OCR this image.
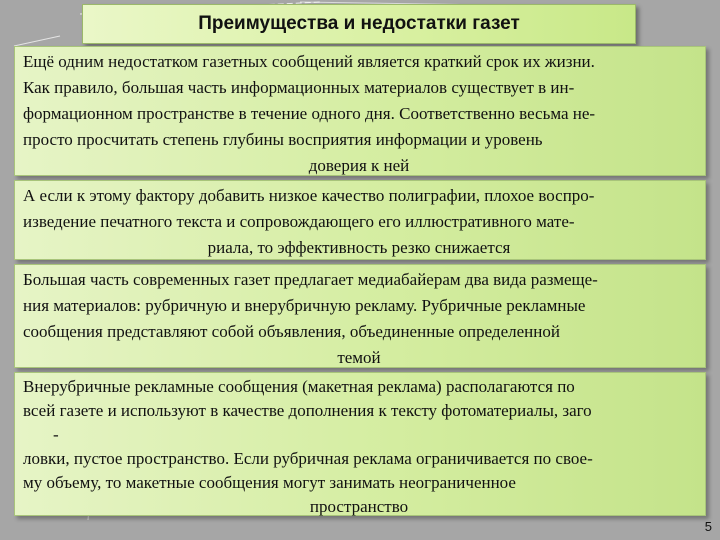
Преимущества и недостатки газет
Ещё одним недостатком газетных сообщений является краткий срок их жизни.
Как правило, большая часть информационных материалов существует в ин-
формационном пространстве в течение одного дня. Соответственно весьма не-
просто просчитать степень глубины восприятия информации и уровень
доверия к ней
А если к этому фактору добавить низкое качество полиграфии, плохое воспро-
изведение печатного текста и сопровождающего его иллюстративного мате-
риала, то эффективность резко снижается
Большая часть современных газет предлагает медиабайерам два вида размеще-
ния материалов: рубричную и внерубричную рекламу. Рубричные рекламные
сообщения представляют собой объявления, объединенные определенной
темой
Внерубричные рекламные сообщения (макетная реклама) располагаются по
всей газете и используют в качестве дополнения к тексту фотоматериалы, заго
-
ловки, пустое пространство. Если рубричная реклама ограничивается по свое-
му объему, то макетные сообщения могут занимать неограниченное
пространство
5
